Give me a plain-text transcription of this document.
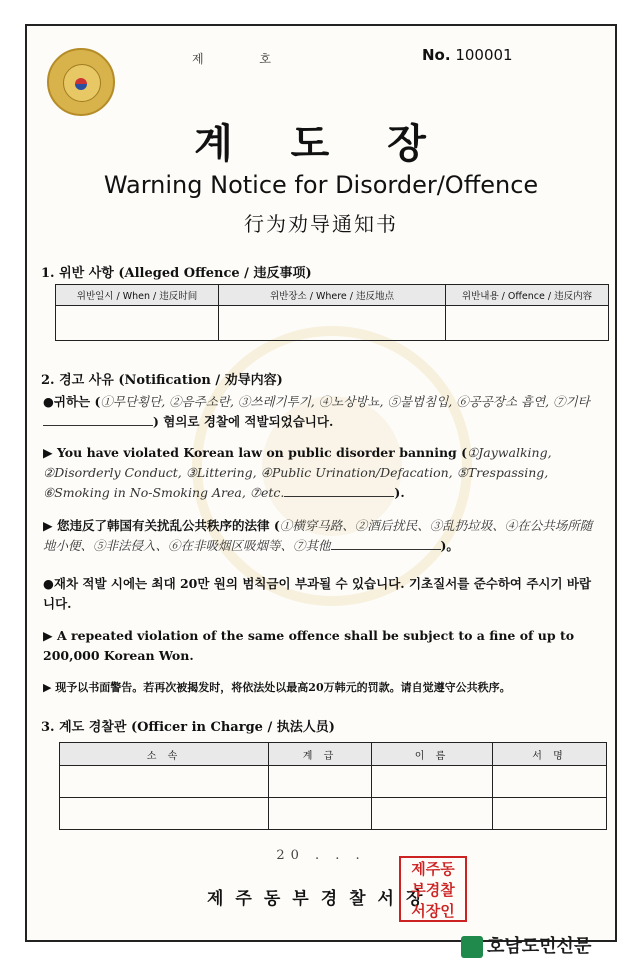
제 호	No. 100001
계 도 장
Warning Notice for Disorder/Offence
行为劝导通知书
1. 위반 사항 (Alleged Offence / 违反事项)
위반일시 / When / 违反时间	위반장소 / Where / 违反地点	위반내용 / Offence / 违反内容

2. 경고 사유 (Notification / 劝导内容)
●귀하는 (①무단횡단, ②음주소란, ③쓰레기투기, ④노상방뇨, ⑤불법침입, ⑥공공장소 흡연, ⑦기타) 혐의로 경찰에 적발되었습니다.
▶ You have violated Korean law on public disorder banning (①Jaywalking, ②Disorderly Conduct, ③Littering, ④Public Urination/Defacation, ⑤Trespassing, ⑥Smoking in No-Smoking Area, ⑦etc.	).
▶ 您违反了韩国有关扰乱公共秩序的法律 (①横穿马路、②酒后扰民、③乱扔垃圾、④在公共场所随地小便、⑤非法侵入、⑥在非吸烟区吸烟等、⑦其他	)。
●재차 적발 시에는 최대 20만 원의 범칙금이 부과될 수 있습니다. 기초질서를 준수하여 주시기 바랍니다.
▶ A repeated violation of the same offence shall be subject to a fine of up to 200,000 Korean Won.
▶ 现予以书面警告。若再次被揭发时，将依法处以最高20万韩元的罚款。请自觉遵守公共秩序。
3. 계도 경찰관 (Officer in Charge / 执法人员)
소 속	계 급	이 름	서 명

20 . . .
제주동부경찰서장
제주동
부경찰
서장인
호남도민신문
